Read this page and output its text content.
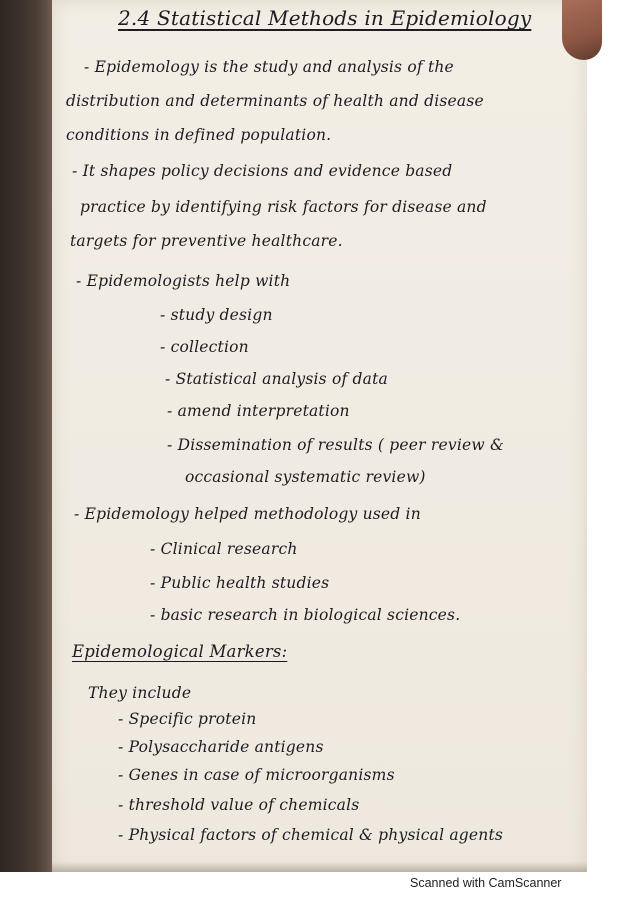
2.4 Statistical Methods in Epidemiology
- Epidemology is the study and analysis of the
distribution and determinants of health and disease
conditions in defined population.
- It shapes policy decisions and evidence based
practice by identifying risk factors for disease and
targets for preventive healthcare.
- Epidemologists help with
- study design
- collection
- Statistical analysis of data
- amend interpretation
- Dissemination of results ( peer review &
occasional systematic review)
- Epidemology helped methodology used in
- Clinical research
- Public health studies
- basic research in biological sciences.
Epidemological Markers:
They include
- Specific protein
- Polysaccharide antigens
- Genes in case of microorganisms
- threshold value of chemicals
- Physical factors of chemical & physical agents
Scanned with CamScanner
